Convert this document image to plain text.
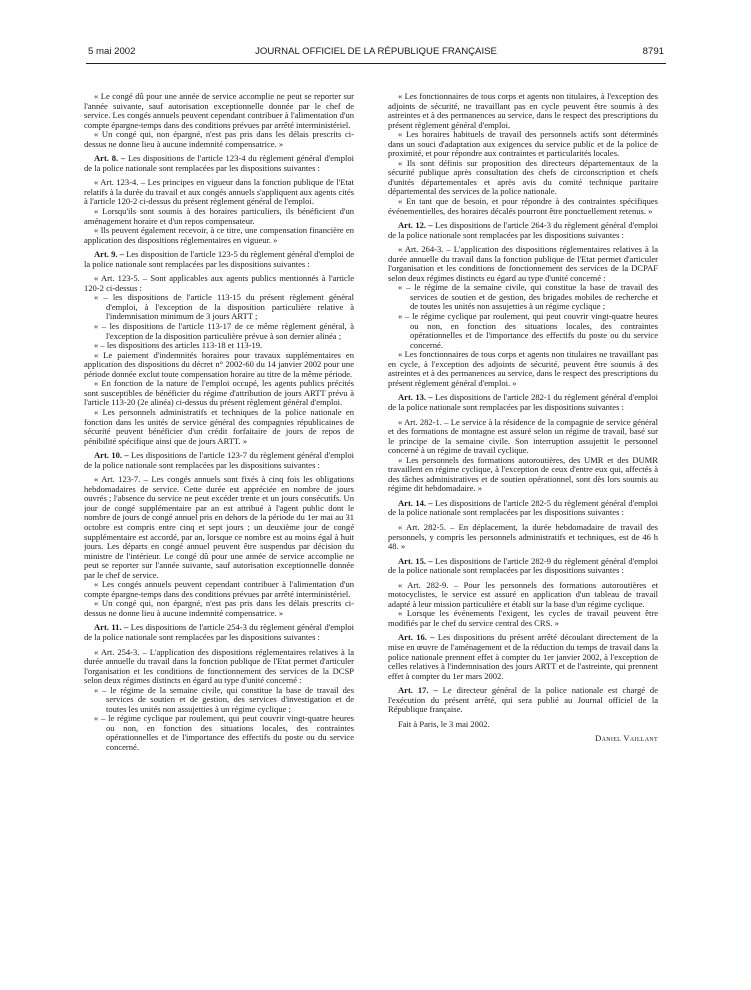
5 mai 2002	JOURNAL OFFICIEL DE LA RÉPUBLIQUE FRANÇAISE	8791

« Le congé dû pour une année de service accomplie ne peut se reporter sur l'année suivante, sauf autorisation exceptionnelle donnée par le chef de service. Les congés annuels peuvent cependant contribuer à l'alimentation d'un compte épargne-temps dans des conditions prévues par arrêté interministériel.

« Un congé qui, non épargné, n'est pas pris dans les délais prescrits ci-dessus ne donne lieu à aucune indemnité compensatrice. »

Art. 8. – Les dispositions de l'article 123-4 du règlement général d'emploi de la police nationale sont remplacées par les dispositions suivantes :

« Art. 123-4. – Les principes en vigueur dans la fonction publique de l'Etat relatifs à la durée du travail et aux congés annuels s'appliquent aux agents cités à l'article 120-2 ci-dessus du présent règlement général de l'emploi.

« Lorsqu'ils sont soumis à des horaires particuliers, ils bénéficient d'un aménagement horaire et d'un repos compensateur.

« Ils peuvent également recevoir, à ce titre, une compensation financière en application des dispositions réglementaires en vigueur. »

Art. 9. – Les disposition de l'article 123-5 du règlement général d'emploi de la police nationale sont remplacées par les dispositions suivantes :

« Art. 123-5. – Sont applicables aux agents publics mentionnés à l'article 120-2 ci-dessus :

« – les dispositions de l'article 113-15 du présent règlement général d'emploi, à l'exception de la disposition particulière relative à l'indemnisation minimum de 3 jours ARTT ;
« – les dispositions de l'article 113-17 de ce même règlement général, à l'exception de la disposition particulière prévue à son dernier alinéa ;
« – les dispositions des articles 113-18 et 113-19.

« Le paiement d'indemnités horaires pour travaux supplémentaires en application des dispositions du décret n° 2002-60 du 14 janvier 2002 pour une période donnée exclut toute compensation horaire au titre de la même période.

« En fonction de la nature de l'emploi occupé, les agents publics précités sont susceptibles de bénéficier du régime d'attribution de jours ARTT prévu à l'article 113-20 (2e alinéa) ci-dessus du présent règlement général d'emploi.

« Les personnels administratifs et techniques de la police nationale en fonction dans les unités de service général des compagnies républicaines de sécurité peuvent bénéficier d'un crédit forfaitaire de jours de repos de pénibilité spécifique ainsi que de jours ARTT. »

Art. 10. – Les dispositions de l'article 123-7 du règlement général d'emploi de la police nationale sont remplacées par les dispositions suivantes :

« Art. 123-7. – Les congés annuels sont fixés à cinq fois les obligations hebdomadaires de service. Cette durée est appréciée en nombre de jours ouvrés ; l'absence du service ne peut excéder trente et un jours consécutifs. Un jour de congé supplémentaire par an est attribué à l'agent public dont le nombre de jours de congé annuel pris en dehors de la période du 1er mai au 31 octobre est compris entre cinq et sept jours ; un deuxième jour de congé supplémentaire est accordé, par an, lorsque ce nombre est au moins égal à huit jours. Les départs en congé annuel peuvent être suspendus par décision du ministre de l'intérieur. Le congé dû pour une année de service accomplie ne peut se reporter sur l'année suivante, sauf autorisation exceptionnelle donnée par le chef de service.

« Les congés annuels peuvent cependant contribuer à l'alimentation d'un compte épargne-temps dans des conditions prévues par arrêté interministériel.

« Un congé qui, non épargné, n'est pas pris dans les délais prescrits ci-dessus ne donne lieu à aucune indemnité compensatrice. »

Art. 11. – Les dispositions de l'article 254-3 du règlement général d'emploi de la police nationale sont remplacées par les dispositions suivantes :

« Art. 254-3. – L'application des dispositions réglementaires relatives à la durée annuelle du travail dans la fonction publique de l'Etat permet d'articuler l'organisation et les conditions de fonctionnement des services de la DCSP selon deux régimes distincts en égard au type d'unité concerné :

« – le régime de la semaine civile, qui constitue la base de travail des services de soutien et de gestion, des services d'investigation et de toutes les unités non assujetties à un régime cyclique ;
« – le régime cyclique par roulement, qui peut couvrir vingt-quatre heures ou non, en fonction des situations locales, des contraintes opérationnelles et de l'importance des effectifs du poste ou du service concerné.

« Les fonctionnaires de tous corps et agents non titulaires, à l'exception des adjoints de sécurité, ne travaillant pas en cycle peuvent être soumis à des astreintes et à des permanences au service, dans le respect des prescriptions du présent règlement général d'emploi.

« Les horaires habituels de travail des personnels actifs sont déterminés dans un souci d'adaptation aux exigences du service public et de la police de proximité, et pour répondre aux contraintes et particularités locales.

« Ils sont définis sur proposition des directeurs départementaux de la sécurité publique après consultation des chefs de circonscription et chefs d'unités départementales et après avis du comité technique paritaire départemental des services de la police nationale.

« En tant que de besoin, et pour répondre à des contraintes spécifiques événementielles, des horaires décalés pourront être ponctuellement retenus. »

Art. 12. – Les dispositions de l'article 264-3 du règlement général d'emploi de la police nationale sont remplacées par les dispositions suivantes :

« Art. 264-3. – L'application des dispositions réglementaires relatives à la durée annuelle du travail dans la fonction publique de l'Etat permet d'articuler l'organisation et les conditions de fonctionnement des services de la DCPAF selon deux régimes distincts eu égard au type d'unité concerné :

« – le régime de la semaine civile, qui constitue la base de travail des services de soutien et de gestion, des brigades mobiles de recherche et de toutes les unités non assujetties à un régime cyclique ;
« – le régime cyclique par roulement, qui peut couvrir vingt-quatre heures ou non, en fonction des situations locales, des contraintes opérationnelles et de l'importance des effectifs du poste ou du service concerné.

« Les fonctionnaires de tous corps et agents non titulaires ne travaillant pas en cycle, à l'exception des adjoints de sécurité, peuvent être soumis à des astreintes et à des permanences au service, dans le respect des prescriptions du présent règlement général d'emploi. »

Art. 13. – Les dispositions de l'article 282-1 du règlement général d'emploi de la police nationale sont remplacées par les dispositions suivantes :

« Art. 282-1. – Le service à la résidence de la compagnie de service général et des formations de montagne est assuré selon un régime de travail, basé sur le principe de la semaine civile. Son interruption assujettit le personnel concerné à un régime de travail cyclique.

« Les personnels des formations autoroutières, des UMR et des DUMR travaillent en régime cyclique, à l'exception de ceux d'entre eux qui, affectés à des tâches administratives et de soutien opérationnel, sont dès lors soumis au régime dit hebdomadaire. »

Art. 14. – Les dispositions de l'article 282-5 du règlement général d'emploi de la police nationale sont remplacées par les dispositions suivantes :

« Art. 282-5. – En déplacement, la durée hebdomadaire de travail des personnels, y compris les personnels administratifs et techniques, est de 46 h 48. »

Art. 15. – Les dispositions de l'article 282-9 du règlement général d'emploi de la police nationale sont remplacées par les dispositions suivantes :

« Art. 282-9. – Pour les personnels des formations autoroutières et motocyclistes, le service est assuré en application d'un tableau de travail adapté à leur mission particulière et établi sur la base d'un régime cyclique.

« Lorsque les événements l'exigent, les cycles de travail peuvent être modifiés par le chef du service central des CRS. »

Art. 16. – Les dispositions du présent arrêté découlant directement de la mise en œuvre de l'aménagement et de la réduction du temps de travail dans la police nationale prennent effet à compter du 1er janvier 2002, à l'exception de celles relatives à l'indemnisation des jours ARTT et de l'astreinte, qui prennent effet à compter du 1er mars 2002.

Art. 17. – Le directeur général de la police nationale est chargé de l'exécution du présent arrêté, qui sera publié au Journal officiel de la République française.

Fait à Paris, le 3 mai 2002.

Daniel Vaillant
